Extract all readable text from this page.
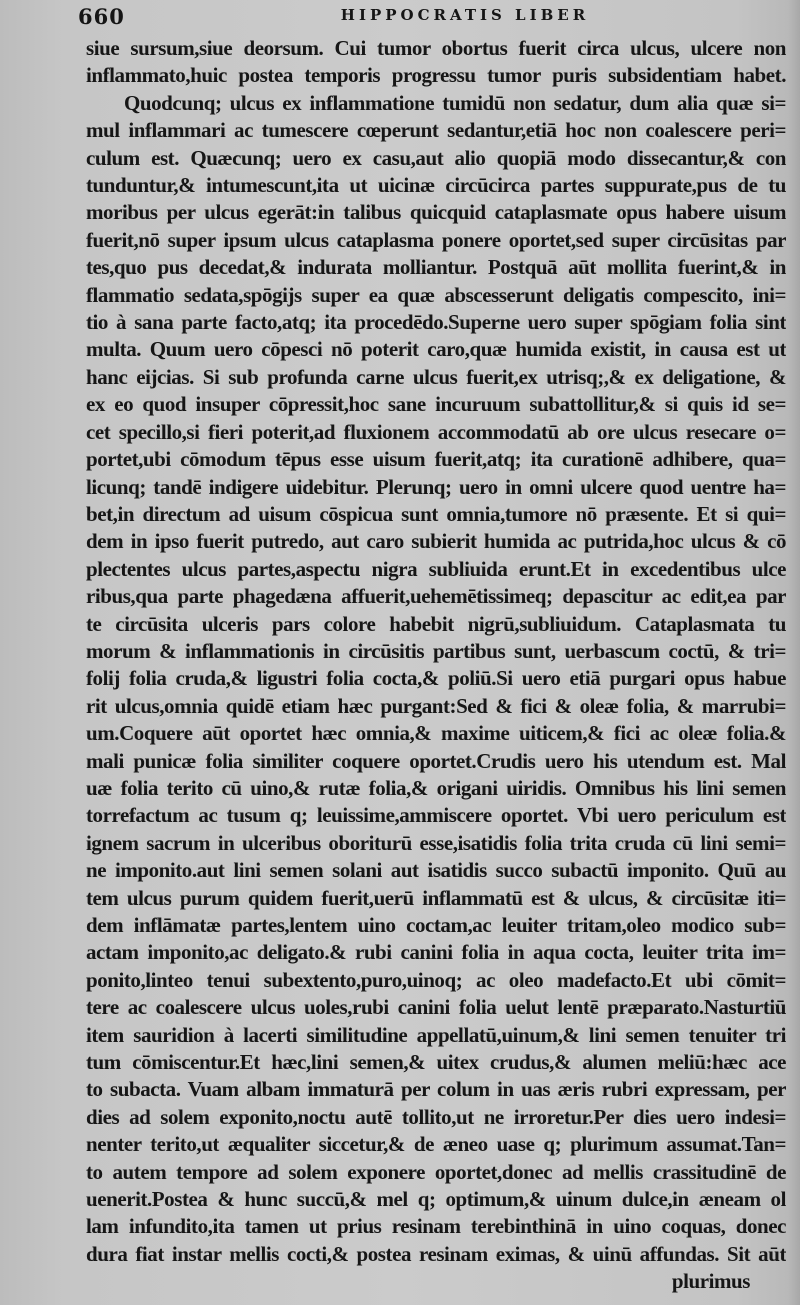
660	HIPPOCRATIS LIBER
siue sursum,siue deorsum. Cui tumor obortus fuerit circa ulcus, ulcere non
inflammato,huic postea temporis progressu tumor puris subsidentiam habet.
Quodcunq; ulcus ex inflammatione tumidū non sedatur, dum alia quæ si=
mul inflammari ac tumescere cœperunt sedantur,etiā hoc non coalescere peri=
culum est. Quæcunq; uero ex casu,aut alio quopiā modo dissecantur,& con
tunduntur,& intumescunt,ita ut uicinæ circūcirca partes suppurate,pus de tu
moribus per ulcus egerāt:in talibus quicquid cataplasmate opus habere uisum
fuerit,nō super ipsum ulcus cataplasma ponere oportet,sed super circūsitas par
tes,quo pus decedat,& indurata molliantur. Postquā aūt mollita fuerint,& in
flammatio sedata,spōgijs super ea quæ abscesserunt deligatis compescito, ini=
tio à sana parte facto,atq; ita procedēdo.Superne uero super spōgiam folia sint
multa. Quum uero cōpesci nō poterit caro,quæ humida existit, in causa est ut
hanc eijcias. Si sub profunda carne ulcus fuerit,ex utrisq;,& ex deligatione, &
ex eo quod insuper cōpressit,hoc sane incuruum subattollitur,& si quis id se=
cet specillo,si fieri poterit,ad fluxionem accommodatū ab ore ulcus resecare o=
portet,ubi cōmodum tēpus esse uisum fuerit,atq; ita curationē adhibere, qua=
licunq; tandē indigere uidebitur. Plerunq; uero in omni ulcere quod uentre ha=
bet,in directum ad uisum cōspicua sunt omnia,tumore nō præsente. Et si qui=
dem in ipso fuerit putredo, aut caro subierit humida ac putrida,hoc ulcus & cō
plectentes ulcus partes,aspectu nigra subliuida erunt.Et in excedentibus ulce
ribus,qua parte phagedæna affuerit,uehemētissimeq; depascitur ac edit,ea par
te circūsita ulceris pars colore habebit nigrū,subliuidum. Cataplasmata tu
morum & inflammationis in circūsitis partibus sunt, uerbascum coctū, & tri=
folij folia cruda,& ligustri folia cocta,& poliū.Si uero etiā purgari opus habue
rit ulcus,omnia quidē etiam hæc purgant:Sed & fici & oleæ folia, & marrubi=
um.Coquere aūt oportet hæc omnia,& maxime uiticem,& fici ac oleæ folia.&
mali punicæ folia similiter coquere oportet.Crudis uero his utendum est. Mal
uæ folia terito cū uino,& rutæ folia,& origani uiridis. Omnibus his lini semen
torrefactum ac tusum q; leuissime,ammiscere oportet. Vbi uero periculum est
ignem sacrum in ulceribus oboriturū esse,isatidis folia trita cruda cū lini semi=
ne imponito.aut lini semen solani aut isatidis succo subactū imponito. Quū au
tem ulcus purum quidem fuerit,uerū inflammatū est & ulcus, & circūsitæ iti=
dem inflāmatæ partes,lentem uino coctam,ac leuiter tritam,oleo modico sub=
actam imponito,ac deligato.& rubi canini folia in aqua cocta, leuiter trita im=
ponito,linteo tenui subextento,puro,uinoq; ac oleo madefacto.Et ubi cōmit=
tere ac coalescere ulcus uoles,rubi canini folia uelut lentē præparato.Nasturtiū
item sauridion à lacerti similitudine appellatū,uinum,& lini semen tenuiter tri
tum cōmiscentur.Et hæc,lini semen,& uitex crudus,& alumen meliū:hæc ace
to subacta. Vuam albam immaturā per colum in uas æris rubri expressam, per
dies ad solem exponito,noctu autē tollito,ut ne irroretur.Per dies uero indesi=
nenter terito,ut æqualiter siccetur,& de æneo uase q; plurimum assumat.Tan=
to autem tempore ad solem exponere oportet,donec ad mellis crassitudinē de
uenerit.Postea & hunc succū,& mel q; optimum,& uinum dulce,in æneam ol
lam infundito,ita tamen ut prius resinam terebinthinā in uino coquas, donec
dura fiat instar mellis cocti,& postea resinam eximas, & uinū affundas. Sit aūt
plurimus
